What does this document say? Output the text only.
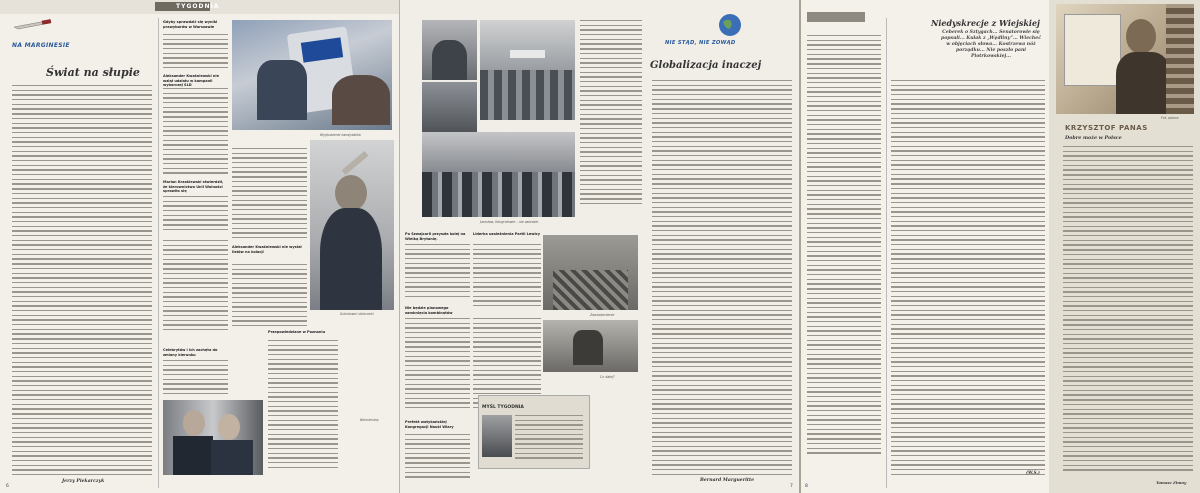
TYGODNIA
NA MARGINESIE
Świat na słupie
Jerzy Piekarczyk
6
Gdyby sprawdzić się wyniki prawyborów w Warszawie
Aleksander Kwaśniewski nie wziął udziału w kampanii wyborczej SLD
Marian Krzaklewski stwierdził, że kierownictwo Unii Wolności sprawiło się
Wygłodzenie kandydatów
Celebrytów i ich zachęta do zmiany kierunku
Aleksander Kwaśniewski nie wysłał listów na kolacji
Gołosłowni obiecanki
Nieostrożny
Przepowiedziane w Poznaniu
NIE STĄD, NIE ZOWĄD
Jarosław, fotografowie – nie zabrakło
Po Szwajcarii przyszła kolej na Wielką Brytanię.
Nie będzie planowego zamknięcia kombinatów
Liderka uzależnienia Partii Lewicy
Zawiadomienie
Co dalej?
MYŚL TYGODNIA
Prefekt watykańskiej Kongregacji Nauki Wiary
Globalizacja inaczej
Bernard Margueritte
7	8
Niedyskrecje z Wiejskiej
Ceberek o Sztygach... Senatorowie się popsuli... Kulak z „Wędliny”... Wiecheć w objęciach słowa... Kostrzewa nóż porządku... Nie poszło pani Piotrkowskiej...
(W.S.)
Fot. autora
KRZYSZTOF PANAS
Dobre może w Polsce
Tomasz Zimny
